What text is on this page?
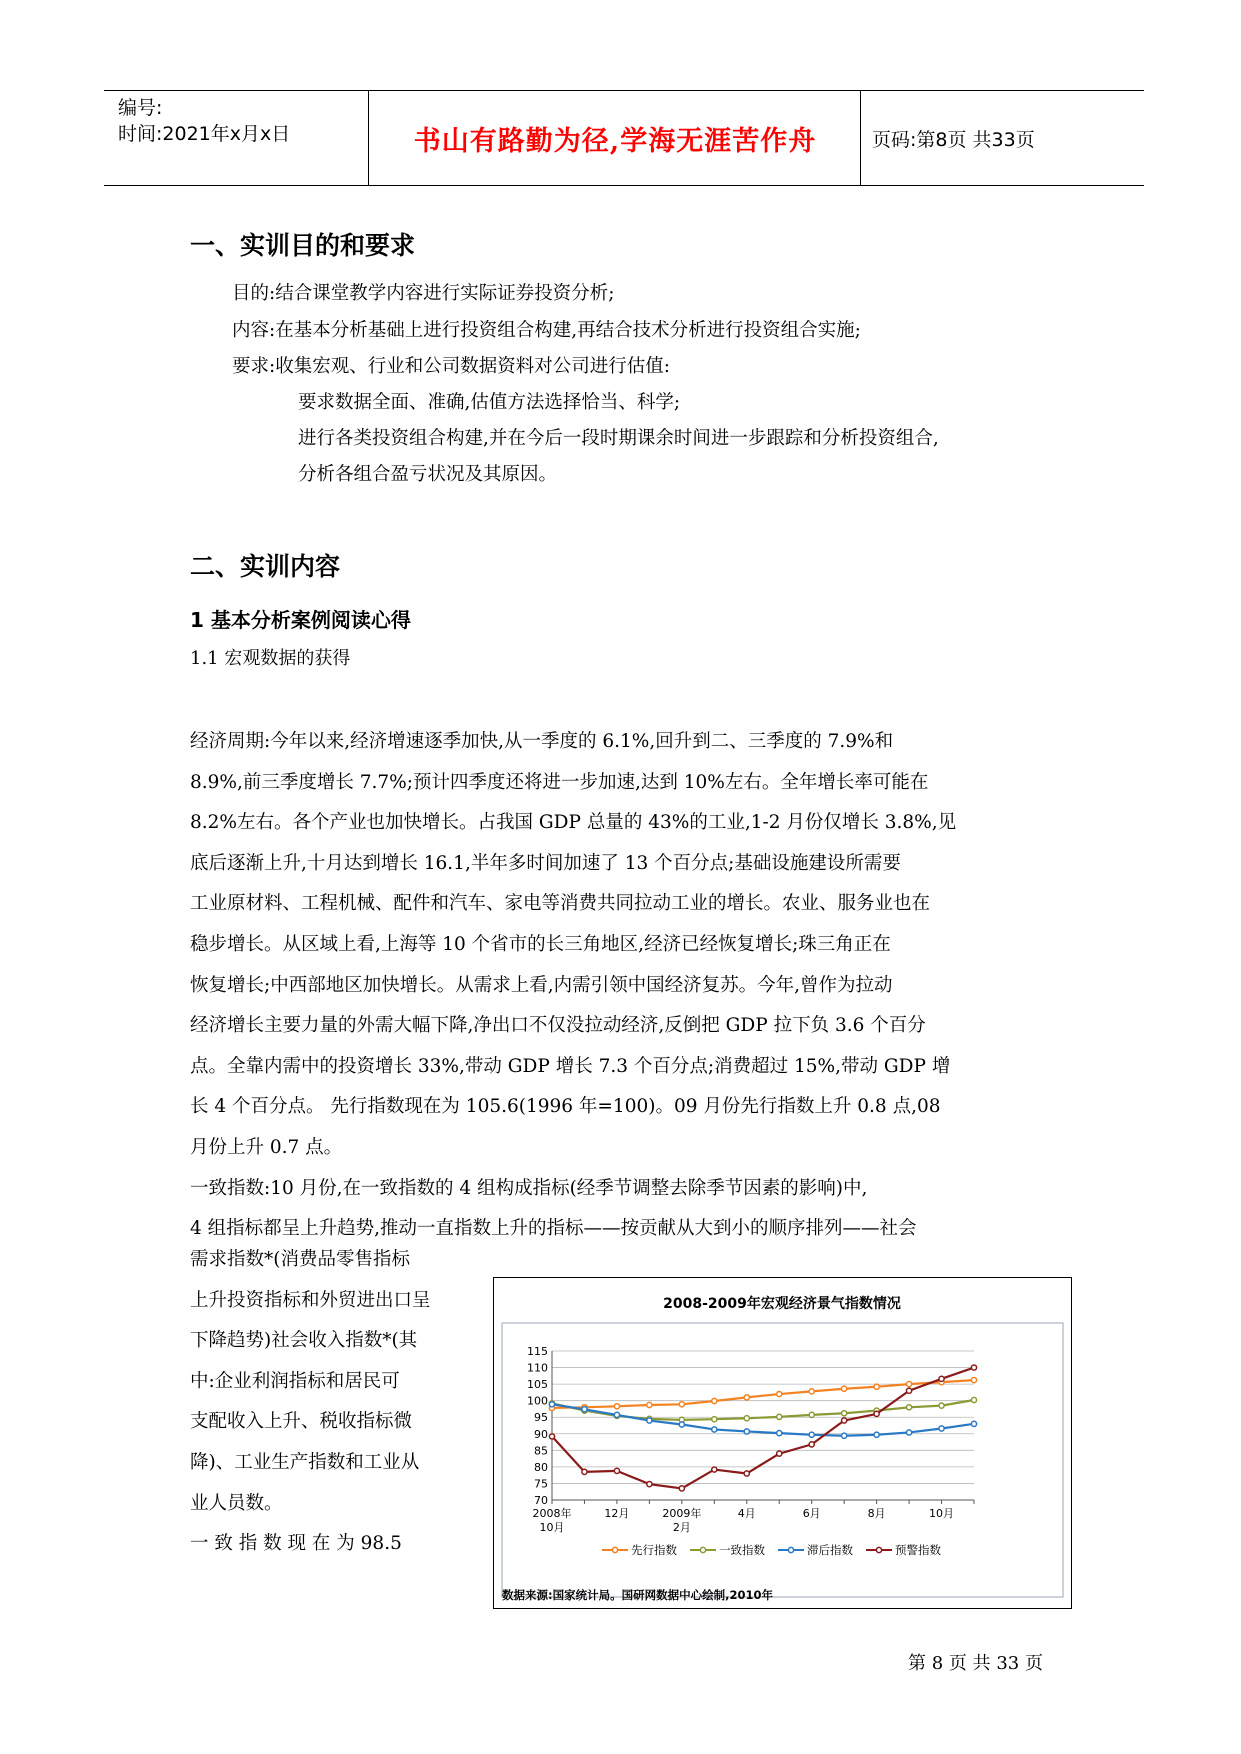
编号:
时间:2021年x月x日	书山有路勤为径,学海无涯苦作舟	页码:第8页 共33页
一、实训目的和要求
目的:结合课堂教学内容进行实际证券投资分析;
内容:在基本分析基础上进行投资组合构建,再结合技术分析进行投资组合实施;
要求:收集宏观、行业和公司数据资料对公司进行估值:
要求数据全面、准确,估值方法选择恰当、科学;
进行各类投资组合构建,并在今后一段时期课余时间进一步跟踪和分析投资组合,
分析各组合盈亏状况及其原因。
二、实训内容
1 基本分析案例阅读心得
1.1 宏观数据的获得
经济周期:今年以来,经济增速逐季加快,从一季度的 6.1%,回升到二、三季度的 7.9%和
8.9%,前三季度增长 7.7%;预计四季度还将进一步加速,达到 10%左右。全年增长率可能在
8.2%左右。各个产业也加快增长。占我国 GDP 总量的 43%的工业,1-2 月份仅增长 3.8%,见
底后逐渐上升,十月达到增长 16.1,半年多时间加速了 13 个百分点;基础设施建设所需要
工业原材料、工程机械、配件和汽车、家电等消费共同拉动工业的增长。农业、服务业也在
稳步增长。从区域上看,上海等 10 个省市的长三角地区,经济已经恢复增长;珠三角正在
恢复增长;中西部地区加快增长。从需求上看,内需引领中国经济复苏。今年,曾作为拉动
经济增长主要力量的外需大幅下降,净出口不仅没拉动经济,反倒把 GDP 拉下负 3.6 个百分
点。全靠内需中的投资增长 33%,带动 GDP 增长 7.3 个百分点;消费超过 15%,带动 GDP 增
长 4 个百分点。 先行指数现在为 105.6(1996 年=100)。09 月份先行指数上升 0.8 点,08
月份上升 0.7 点。
一致指数:10 月份,在一致指数的 4 组构成指标(经季节调整去除季节因素的影响)中,
4 组指标都呈上升趋势,推动一直指数上升的指标——按贡献从大到小的顺序排列——社会
需求指数*(消费品零售指标
上升投资指标和外贸进出口呈
下降趋势)社会收入指数*(其
中:企业利润指标和居民可
支配收入上升、税收指标微
降)、工业生产指数和工业从
业人员数。
一 致 指 数 现 在 为 98.5
2008-2009年宏观经济景气指数情况
70
75
80
85
90
95
100
105
110
115
2008年
10月
12月	2009年
2月
4月	6月	8月	10月
先行指数	一致指数	滞后指数	预警指数
数据来源:国家统计局。国研网数据中心绘制,2010年
第 8 页 共 33 页
